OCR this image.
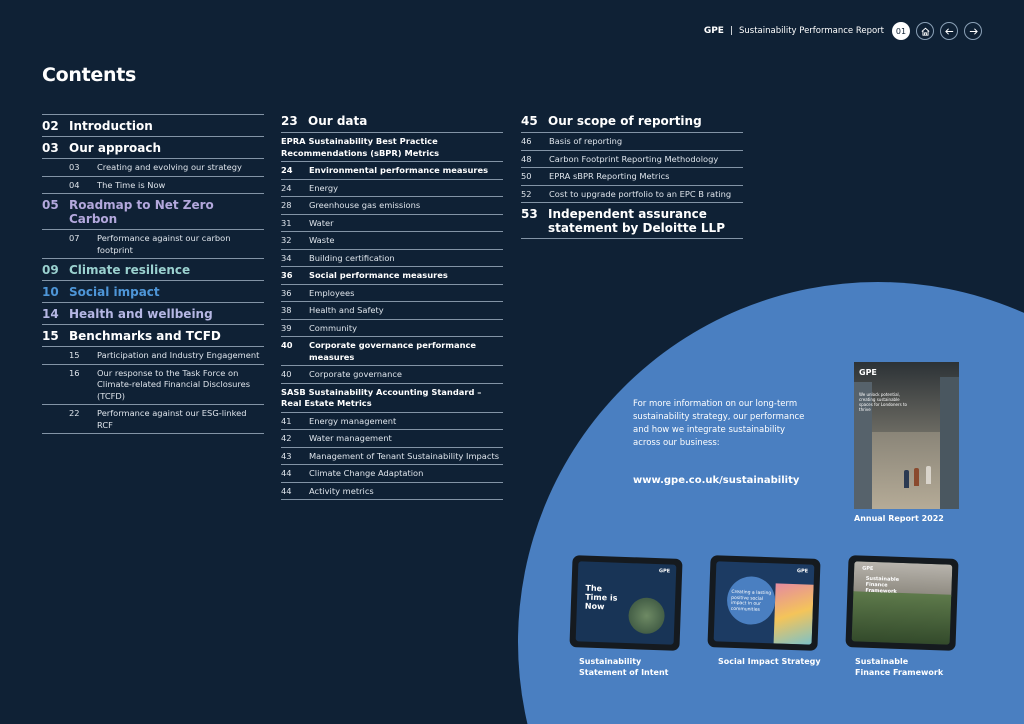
GPE | Sustainability Performance Report	01
Contents
02 Introduction
03 Our approach
03	Creating and evolving our strategy
04	The Time is Now
05 Roadmap to Net Zero Carbon
07	Performance against our carbon footprint
09 Climate resilience
10 Social impact
14 Health and wellbeing
15 Benchmarks and TCFD
15	Participation and Industry Engagement
16	Our response to the Task Force on Climate-related Financial Disclosures (TCFD)
22	Performance against our ESG-linked RCF
23 Our data
EPRA Sustainability Best Practice Recommendations (sBPR) Metrics
24	Environmental performance measures
24	Energy
28	Greenhouse gas emissions
31	Water
32	Waste
34	Building certification
36	Social performance measures
36	Employees
38	Health and Safety
39	Community
40	Corporate governance performance measures
40	Corporate governance
SASB Sustainability Accounting Standard – Real Estate Metrics
41	Energy management
42	Water management
43	Management of Tenant Sustainability Impacts
44	Climate Change Adaptation
44	Activity metrics
45 Our scope of reporting
46	Basis of reporting
48	Carbon Footprint Reporting Methodology
50	EPRA sBPR Reporting Metrics
52	Cost to upgrade portfolio to an EPC B rating
53 Independent assurance statement by Deloitte LLP

For more information on our long-term sustainability strategy, our performance and how we integrate sustainability across our business:

www.gpe.co.uk/sustainability
GPE
We unlock potential, creating sustainable spaces for Londoners to thrive
Annual Report 2022
GPE
The Time is Now
GPE
Creating a lasting positive social impact in our communities
GPE
Sustainable Finance Framework
Sustainability Statement of Intent
Social Impact Strategy	Sustainable Finance Framework
